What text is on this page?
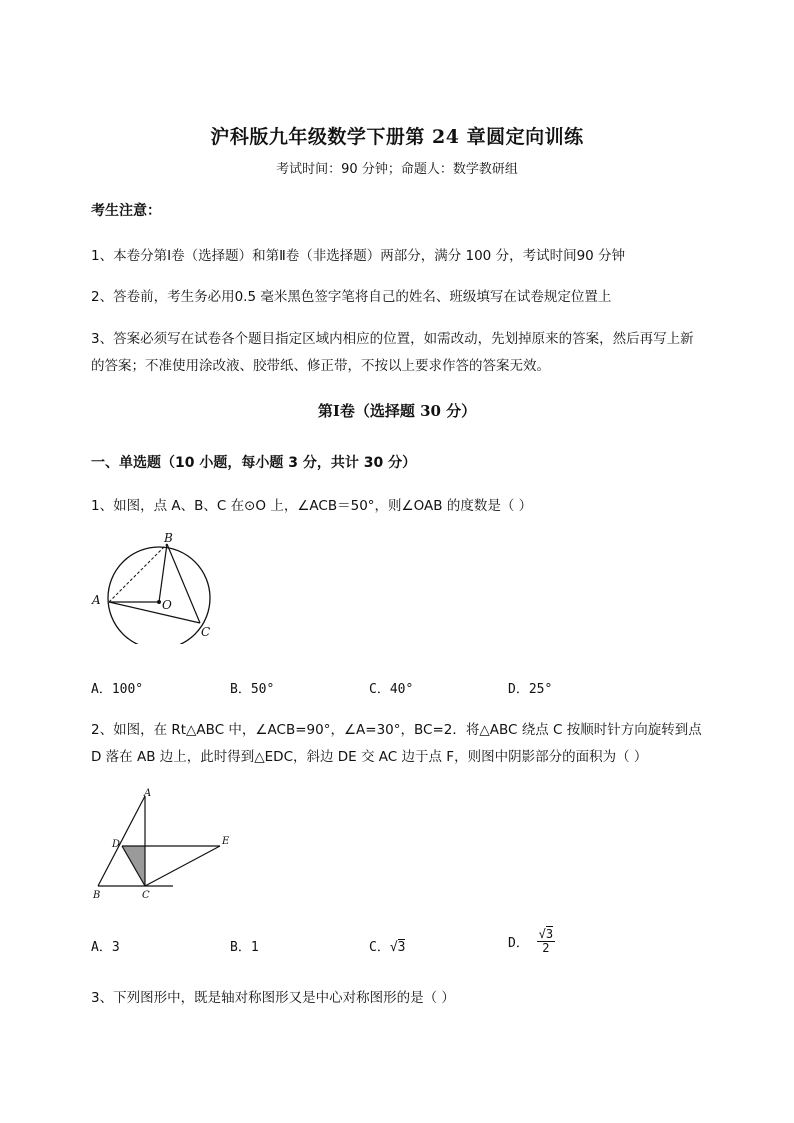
沪科版九年级数学下册第 24 章圆定向训练
考试时间：90 分钟；命题人：数学教研组
考生注意：
1、本卷分第Ⅰ卷（选择题）和第Ⅱ卷（非选择题）两部分，满分 100 分，考试时间90 分钟
2、答卷前，考生务必用0.5 毫米黑色签字笔将自己的姓名、班级填写在试卷规定位置上
3、答案必须写在试卷各个题目指定区域内相应的位置，如需改动，先划掉原来的答案，然后再写上新
的答案；不准使用涂改液、胶带纸、修正带，不按以上要求作答的答案无效。
第Ⅰ卷（选择题 30 分）
一、单选题（10 小题，每小题 3 分，共计 30 分）
1、如图，点 A、B、C 在⊙O 上，∠ACB＝50°，则∠OAB 的度数是（ ）
A
B
C
O
A．100°	B．50°	C．40°	D．25°
2、如图，在 Rt△ABC 中，∠ACB=90°，∠A=30°，BC=2．将△ABC 绕点 C 按顺时针方向旋转到点
D 落在 AB 边上，此时得到△EDC，斜边 DE 交 AC 边于点 F，则图中阴影部分的面积为（ ）
A
D	E
B	C
A．3	B．1	C．√3	D． $\frac{√3}{2}$
3、下列图形中，既是轴对称图形又是中心对称图形的是（ ）
